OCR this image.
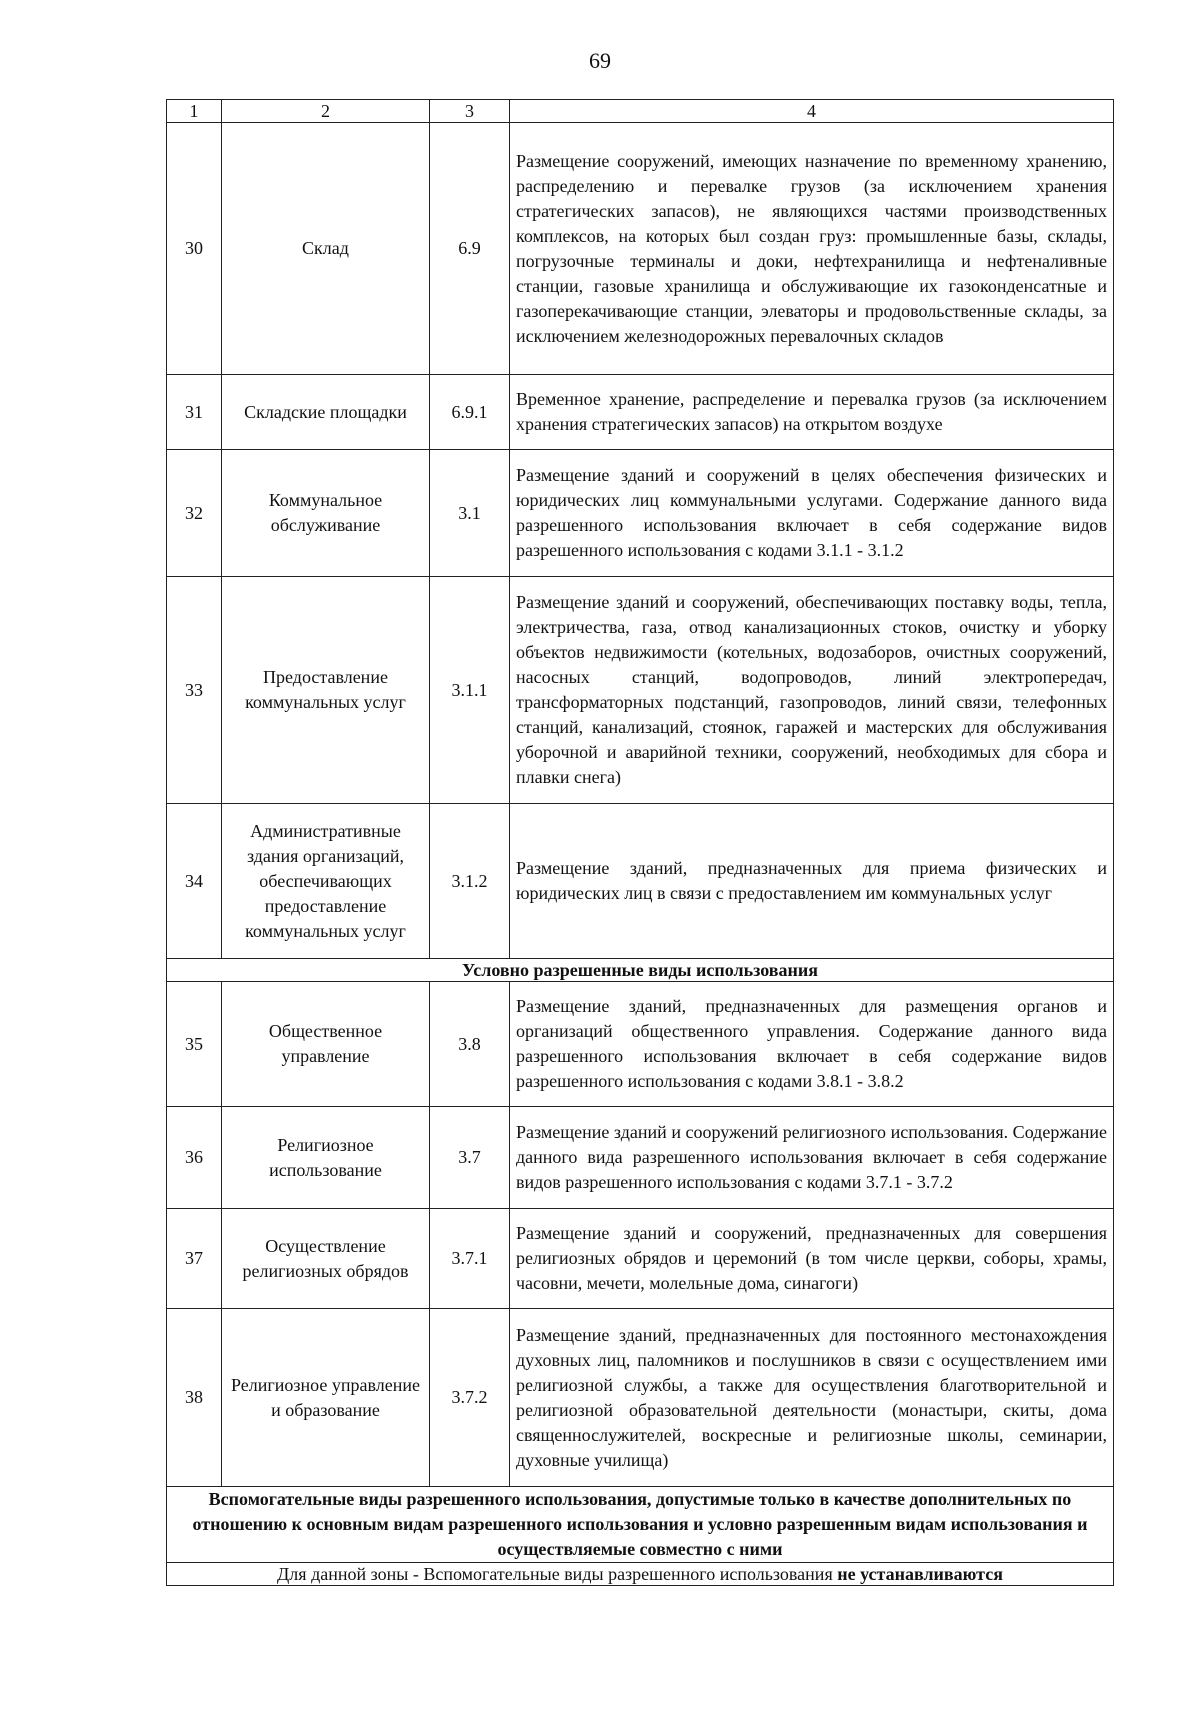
69
1	2	3	4
30	Склад	6.9	Размещение сооружений, имеющих назначение по временному хранению, распределению и перевалке грузов (за исключением хранения стратегических запасов), не являющихся частями производственных комплексов, на которых был создан груз: промышленные базы, склады, погрузочные терминалы и доки, нефтехранилища и нефтеналивные станции, газовые хранилища и обслуживающие их газоконденсатные и газоперекачивающие станции, элеваторы и продовольственные склады, за исключением железнодорожных перевалочных складов
31	Складские площадки	6.9.1	Временное хранение, распределение и перевалка грузов (за исключением хранения стратегических запасов) на открытом воздухе
32	Коммунальное обслуживание	3.1	Размещение зданий и сооружений в целях обеспечения физических и юридических лиц коммунальными услугами. Содержание данного вида разрешенного использования включает в себя содержание видов разрешенного использования с кодами 3.1.1 - 3.1.2
33	Предоставление коммунальных услуг	3.1.1	Размещение зданий и сооружений, обеспечивающих поставку воды, тепла, электричества, газа, отвод канализационных стоков, очистку и уборку объектов недвижимости (котельных, водозаборов, очистных сооружений, насосных станций, водопроводов, линий электропередач, трансформаторных подстанций, газопроводов, линий связи, телефонных станций, канализаций, стоянок, гаражей и мастерских для обслуживания уборочной и аварийной техники, сооружений, необходимых для сбора и плавки снега)
34	Административные здания организаций, обеспечивающих предоставление коммунальных услуг	3.1.2	Размещение зданий, предназначенных для приема физических и юридических лиц в связи с предоставлением им коммунальных услуг
Условно разрешенные виды использования			
35	Общественное управление	3.8	Размещение зданий, предназначенных для размещения органов и организаций общественного управления. Содержание данного вида разрешенного использования включает в себя содержание видов разрешенного использования с кодами 3.8.1 - 3.8.2
36	Религиозное использование	3.7	Размещение зданий и сооружений религиозного использования. Содержание данного вида разрешенного использования включает в себя содержание видов разрешенного использования с кодами 3.7.1 - 3.7.2
37	Осуществление религиозных обрядов	3.7.1	Размещение зданий и сооружений, предназначенных для совершения религиозных обрядов и церемоний (в том числе церкви, соборы, храмы, часовни, мечети, молельные дома, синагоги)
38	Религиозное управление и образование	3.7.2	Размещение зданий, предназначенных для постоянного местонахождения духовных лиц, паломников и послушников в связи с осуществлением ими религиозной службы, а также для осуществления благотворительной и религиозной образовательной деятельности (монастыри, скиты, дома священнослужителей, воскресные и религиозные школы, семинарии, духовные училища)
Вспомогательные виды разрешенного использования, допустимые только в качестве дополнительных по отношению к основным видам разрешенного использования и условно разрешенным видам использования и осуществляемые совместно с ними			
Для данной зоны - Вспомогательные виды разрешенного использования не устанавливаются			
